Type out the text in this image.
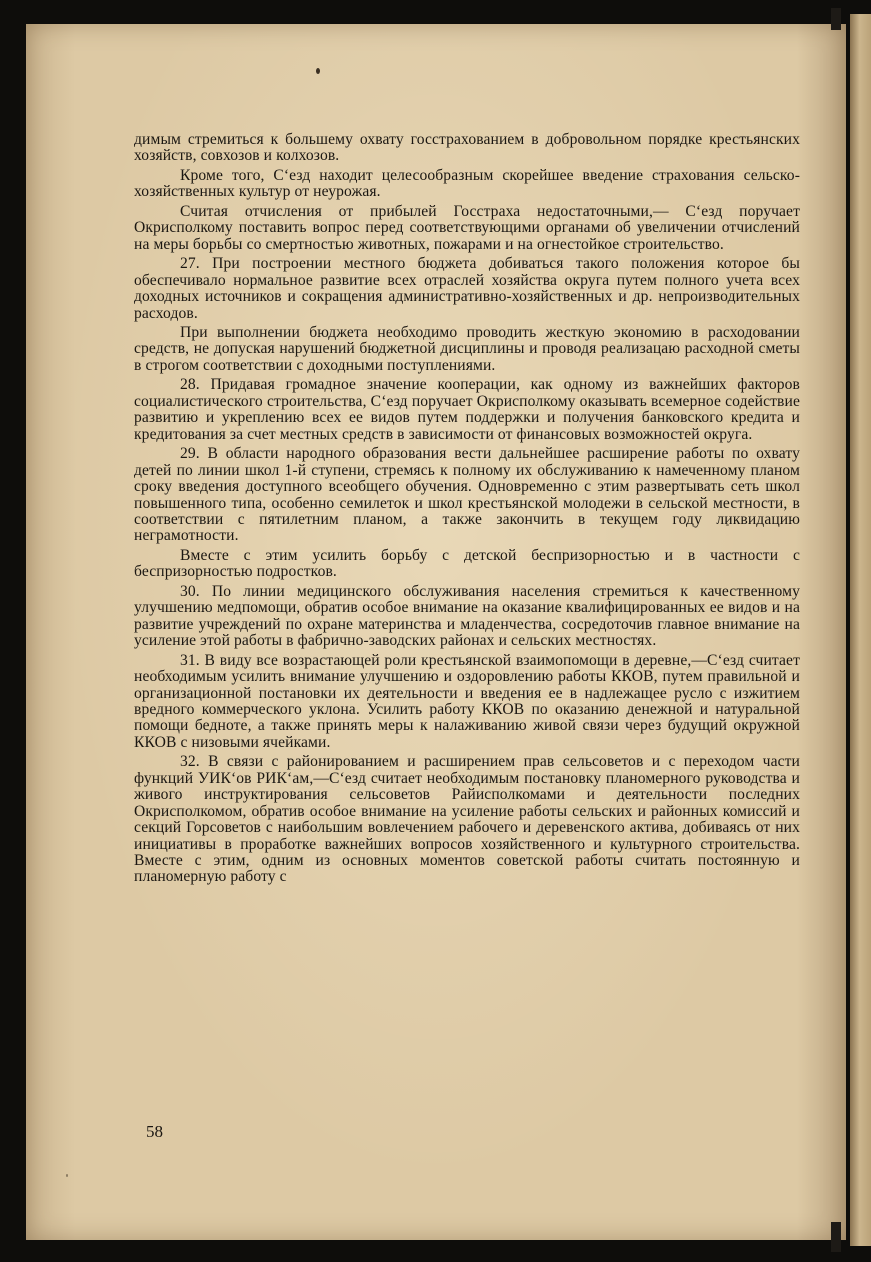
димым стремиться к большему охвату госстрахованием в добровольном порядке крестьянских хозяйств, совхозов и колхозов.

Кроме того, С‘езд находит целесообразным скорейшее введение страхования сельско-хозяйственных культур от неурожая.

Считая отчисления от прибылей Госстраха недостаточными,— С‘езд поручает Окрисполкому поставить вопрос перед соответствующими органами об увеличении отчислений на меры борьбы со смертностью животных, пожарами и на огнестойкое строительство.

27. При построении местного бюджета добиваться такого положения которое бы обеспечивало нормальное развитие всех отраслей хозяйства округа путем полного учета всех доходных источников и сокращения административно-хозяйственных и др. непроизводительных расходов.

При выполнении бюджета необходимо проводить жесткую экономию в расходовании средств, не допуская нарушений бюджетной дисциплины и проводя реализацаю расходной сметы в строгом соответствии с доходными поступлениями.

28. Придавая громадное значение кооперации, как одному из важнейших факторов социалистического строительства, С‘езд поручает Окрисполкому оказывать всемерное содействие развитию и укреплению всех ее видов путем поддержки и получения банковского кредита и кредитования за счет местных средств в зависимости от финансовых возможностей округа.

29. В области народного образования вести дальнейшее расширение работы по охвату детей по линии школ 1-й ступени, стремясь к полному их обслуживанию к намеченному планом сроку введения доступного всеобщего обучения. Одновременно с этим развертывать сеть школ повышенного типа, особенно семилеток и школ крестьянской молодежи в сельской местности, в соответствии с пятилетним планом, а также закончить в текущем году ликвидацию неграмотности.

Вместе с этим усилить борьбу с детской беспризорностью и в частности с беспризорностью подростков.

30. По линии медицинского обслуживания населения стремиться к качественному улучшению медпомощи, обратив особое внимание на оказание квалифицированных ее видов и на развитие учреждений по охране материнства и младенчества, сосредоточив главное внимание на усиление этой работы в фабрично-заводских районах и сельских местностях.

31. В виду все возрастающей роли крестьянской взаимопомощи в деревне,—С‘езд считает необходимым усилить внимание улучшению и оздоровлению работы ККОВ, путем правильной и организационной постановки их деятельности и введения ее в надлежащее русло с изжитием вредного коммерческого уклона. Усилить работу ККОВ по оказанию денежной и натуральной помощи бедноте, а также принять меры к налаживанию живой связи через будущий окружной ККОВ с низовыми ячейками.

32. В связи с районированием и расширением прав сельсоветов и с переходом части функций УИК‘ов РИК‘ам,—С‘езд считает необходимым постановку планомерного руководства и живого инструктирования сельсоветов Райисполкомами и деятельности последних Окрисполкомом, обратив особое внимание на усиление работы сельских и районных комиссий и секций Горсоветов с наибольшим вовлечением рабочего и деревенского актива, добиваясь от них инициативы в проработке важнейших вопросов хозяйственного и культурного строительства. Вместе с этим, одним из основных моментов советской работы считать постоянную и планомерную работу с

58
